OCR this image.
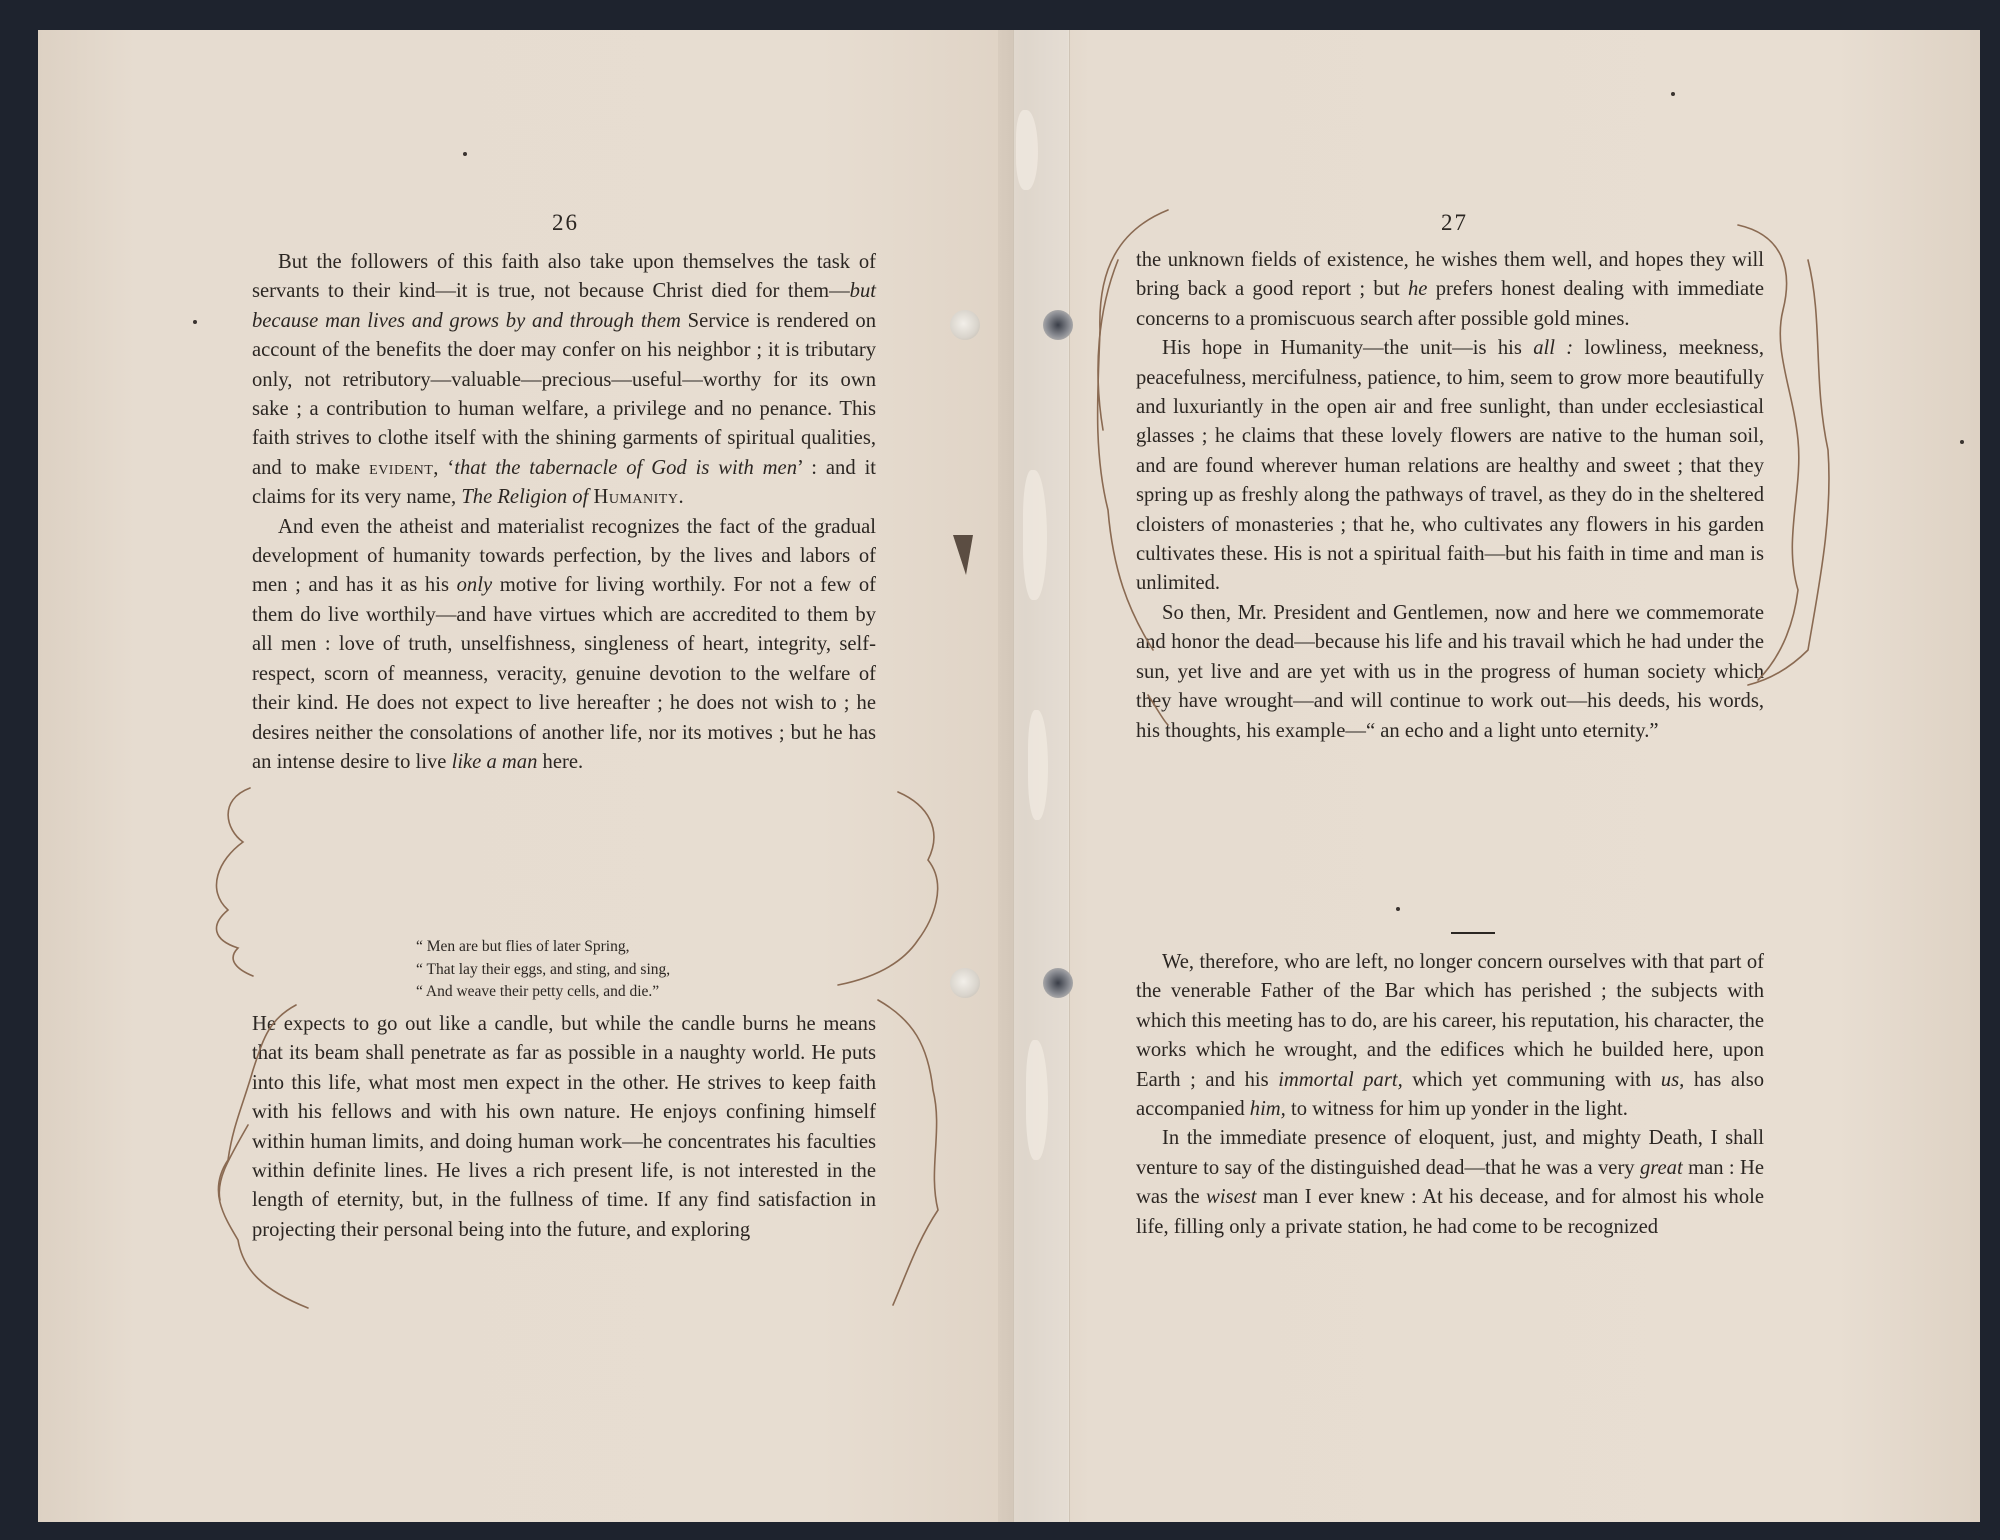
26

But the followers of this faith also take upon themselves the task of servants to their kind—it is true, not because Christ died for them—but because man lives and grows by and through them Service is rendered on account of the benefits the doer may confer on his neighbor ; it is tributary only, not retributory—valuable—precious—useful—worthy for its own sake ; a contribution to human welfare, a privilege and no penance. This faith strives to clothe itself with the shining garments of spiritual qualities, and to make evident, ‘that the tabernacle of God is with men’ : and it claims for its very name, The Religion of Humanity.

And even the atheist and materialist recognizes the fact of the gradual development of humanity towards perfection, by the lives and labors of men ; and has it as his only motive for living worthily. For not a few of them do live worthily—and have virtues which are accredited to them by all men : love of truth, unselfishness, singleness of heart, integrity, self-respect, scorn of meanness, veracity, genuine devotion to the welfare of their kind. He does not expect to live hereafter ; he does not wish to ; he desires neither the consolations of another life, nor its motives ; but he has an intense desire to live like a man here.

“ Men are but flies of later Spring,
“ That lay their eggs, and sting, and sing,
“ And weave their petty cells, and die.”

He expects to go out like a candle, but while the candle burns he means that its beam shall penetrate as far as possible in a naughty world. He puts into this life, what most men expect in the other. He strives to keep faith with his fellows and with his own nature. He enjoys confining himself within human limits, and doing human work—he concentrates his faculties within definite lines. He lives a rich present life, is not interested in the length of eternity, but, in the fullness of time. If any find satisfaction in projecting their personal being into the future, and exploring

27

the unknown fields of existence, he wishes them well, and hopes they will bring back a good report ; but he prefers honest dealing with immediate concerns to a promiscuous search after possible gold mines.

His hope in Humanity—the unit—is his all : lowliness, meekness, peacefulness, mercifulness, patience, to him, seem to grow more beautifully and luxuriantly in the open air and free sunlight, than under ecclesiastical glasses ; he claims that these lovely flowers are native to the human soil, and are found wherever human relations are healthy and sweet ; that they spring up as freshly along the pathways of travel, as they do in the sheltered cloisters of monasteries ; that he, who cultivates any flowers in his garden cultivates these. His is not a spiritual faith—but his faith in time and man is unlimited.

So then, Mr. President and Gentlemen, now and here we commemorate and honor the dead—because his life and his travail which he had under the sun, yet live and are yet with us in the progress of human society which they have wrought—and will continue to work out—his deeds, his words, his thoughts, his example—“ an echo and a light unto eternity.”

We, therefore, who are left, no longer concern ourselves with that part of the venerable Father of the Bar which has perished ; the subjects with which this meeting has to do, are his career, his reputation, his character, the works which he wrought, and the edifices which he builded here, upon Earth ; and his immortal part, which yet communing with us, has also accompanied him, to witness for him up yonder in the light.

In the immediate presence of eloquent, just, and mighty Death, I shall venture to say of the distinguished dead—that he was a very great man : He was the wisest man I ever knew : At his decease, and for almost his whole life, filling only a private station, he had come to be recognized
